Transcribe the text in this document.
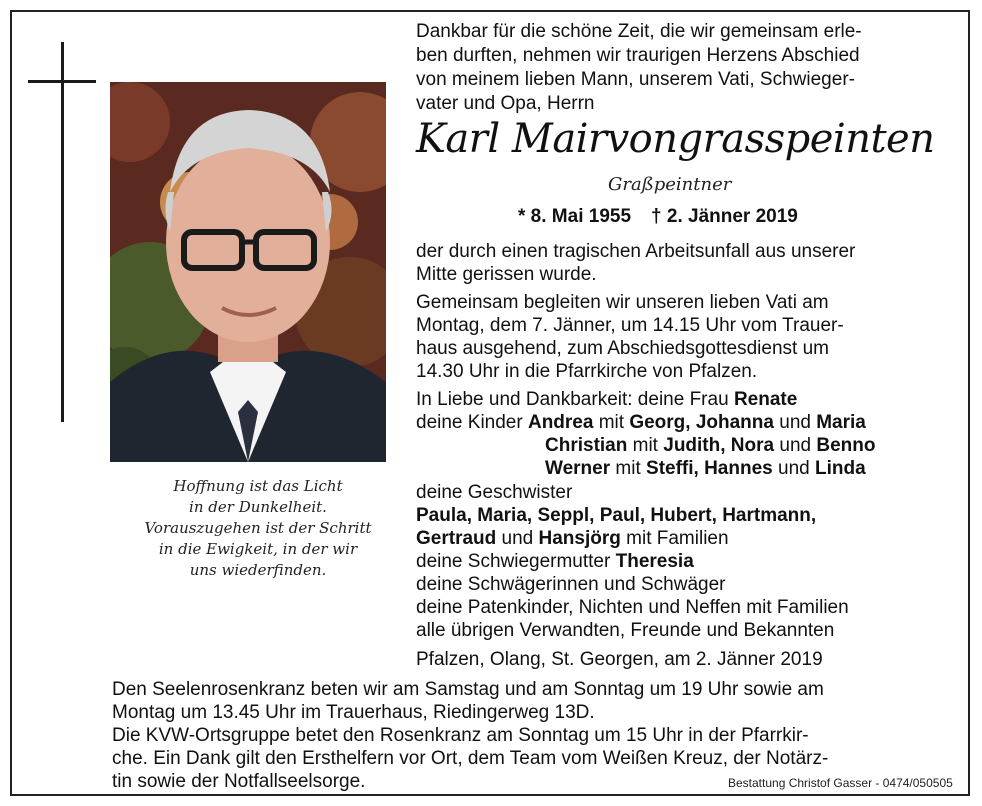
Hoffnung ist das Licht
in der Dunkelheit.
Vorauszugehen ist der Schritt
in die Ewigkeit, in der wir
uns wiederfinden.
Dankbar für die schöne Zeit, die wir gemeinsam erle-
ben durften, nehmen wir traurigen Herzens Abschied
von meinem lieben Mann, unserem Vati, Schwieger-
vater und Opa, Herrn
Karl Mairvongrasspeinten
Graßpeintner
* 8. Mai 1955 † 2. Jänner 2019
der durch einen tragischen Arbeitsunfall aus unserer
Mitte gerissen wurde.
Gemeinsam begleiten wir unseren lieben Vati am
Montag, dem 7. Jänner, um 14.15 Uhr vom Trauer-
haus ausgehend, zum Abschiedsgottesdienst um
14.30 Uhr in die Pfarrkirche von Pfalzen.
In Liebe und Dankbarkeit: deine Frau Renate
deine Kinder Andrea mit Georg, Johanna und Maria
Christian mit Judith, Nora und Benno
Werner mit Steffi, Hannes und Linda
deine Geschwister
Paula, Maria, Seppl, Paul, Hubert, Hartmann,
Gertraud und Hansjörg mit Familien
deine Schwiegermutter Theresia
deine Schwägerinnen und Schwäger
deine Patenkinder, Nichten und Neffen mit Familien
alle übrigen Verwandten, Freunde und Bekannten
Pfalzen, Olang, St. Georgen, am 2. Jänner 2019
Den Seelenrosenkranz beten wir am Samstag und am Sonntag um 19 Uhr sowie am
Montag um 13.45 Uhr im Trauerhaus, Riedingerweg 13D.
Die KVW-Ortsgruppe betet den Rosenkranz am Sonntag um 15 Uhr in der Pfarrkir-
che. Ein Dank gilt den Ersthelfern vor Ort, dem Team vom Weißen Kreuz, der Notärz-
tin sowie der Notfallseelsorge.	Bestattung Christof Gasser - 0474/050505
